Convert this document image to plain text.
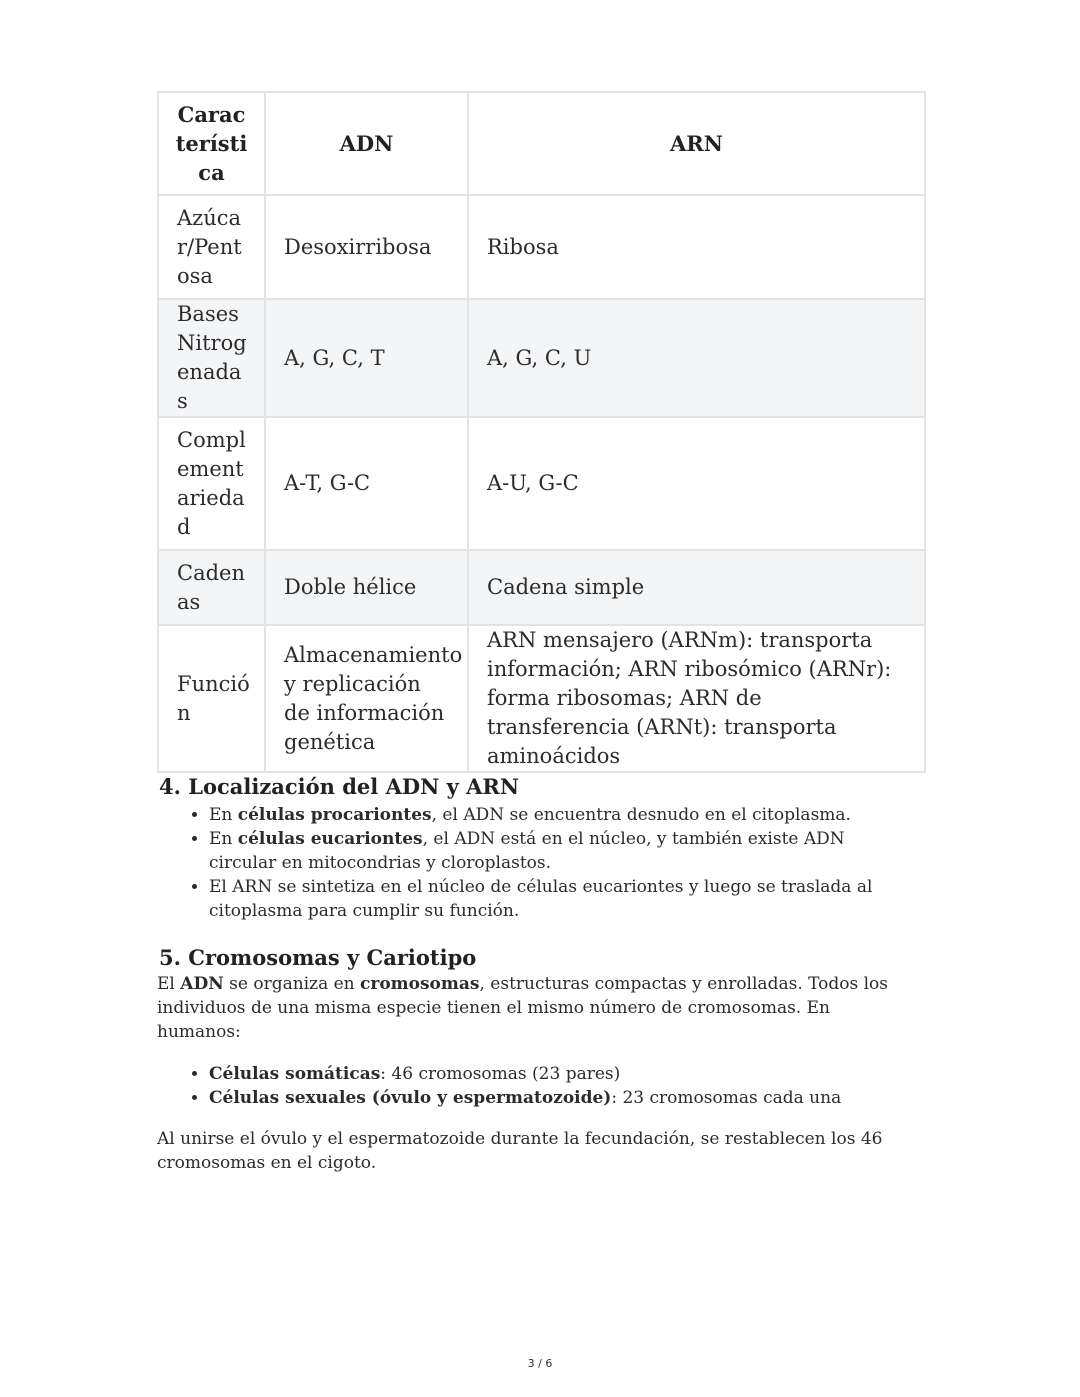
Característica	ADN	ARN
Azúcar/Pentosa	Desoxirribosa	Ribosa
Bases Nitrogenadas	A, G, C, T	A, G, C, U
Complementariedad	A-T, G-C	A-U, G-C
Cadenas	Doble hélice	Cadena simple
Función	Almacenamiento y replicación de información genética	ARN mensajero (ARNm): transporta información; ARN ribosómico (ARNr): forma ribosomas; ARN de transferencia (ARNt): transporta aminoácidos
4. Localización del ADN y ARN
• En células procariontes, el ADN se encuentra desnudo en el citoplasma.
• En células eucariontes, el ADN está en el núcleo, y también existe ADN circular en mitocondrias y cloroplastos.
• El ARN se sintetiza en el núcleo de células eucariontes y luego se traslada al citoplasma para cumplir su función.
5. Cromosomas y Cariotipo

El ADN se organiza en cromosomas, estructuras compactas y enrolladas. Todos los individuos de una misma especie tienen el mismo número de cromosomas. En humanos:

• Células somáticas: 46 cromosomas (23 pares)
• Células sexuales (óvulo y espermatozoide): 23 cromosomas cada una

Al unirse el óvulo y el espermatozoide durante la fecundación, se restablecen los 46 cromosomas en el cigoto.

3 / 6
